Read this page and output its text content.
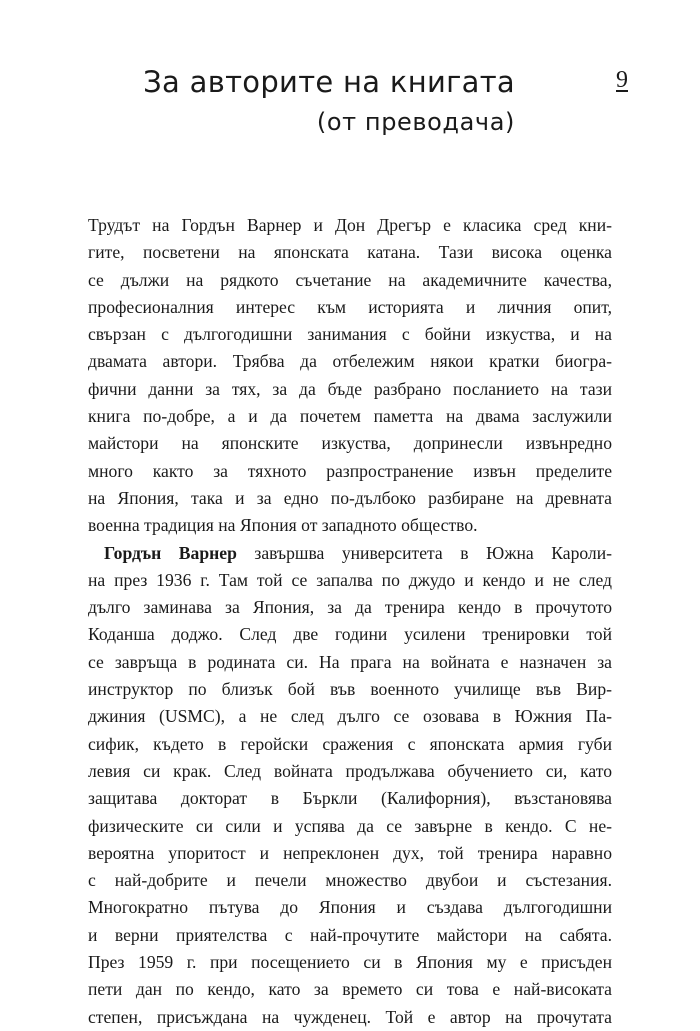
9
За авторите на книгата
(от преводача)
Трудът на Гордън Варнер и Дон Дрегър е класика сред кни-
гите, посветени на японската катана. Тази висока оценка
се дължи на рядкото съчетание на академичните качества,
професионалния интерес към историята и личния опит,
свързан с дългогодишни занимания с бойни изкуства, и на
двамата автори. Трябва да отбележим някои кратки биогра-
фични данни за тях, за да бъде разбрано посланието на тази
книга по-добре, а и да почетем паметта на двама заслужили
майстори на японските изкуства, допринесли извънредно
много както за тяхното разпространение извън пределите
на Япония, така и за едно по-дълбоко разбиране на древната
военна традиция на Япония от западното общество.
Гордън Варнер завършва университета в Южна Кароли-
на през 1936 г. Там той се запалва по джудо и кендо и не след
дълго заминава за Япония, за да тренира кендо в прочутото
Коданша доджо. След две години усилени тренировки той
се завръща в родината си. На прага на войната е назначен за
инструктор по близък бой във военното училище във Вир-
джиния (USMC), а не след дълго се озовава в Южния Па-
сифик, където в геройски сражения с японската армия губи
левия си крак. След войната продължава обучението си, като
защитава докторат в Бъркли (Калифорния), възстановява
физическите си сили и успява да се завърне в кендо. С не-
вероятна упоритост и непреклонен дух, той тренира наравно
с най-добрите и печели множество двубои и състезания.
Многократно пътува до Япония и създава дългогодишни
и верни приятелства с най-прочутите майстори на сабята.
През 1959 г. при посещението си в Япония му е присъден
пети дан по кендо, като за времето си това е най-високата
степен, присъждана на чужденец. Той е автор на прочутата
